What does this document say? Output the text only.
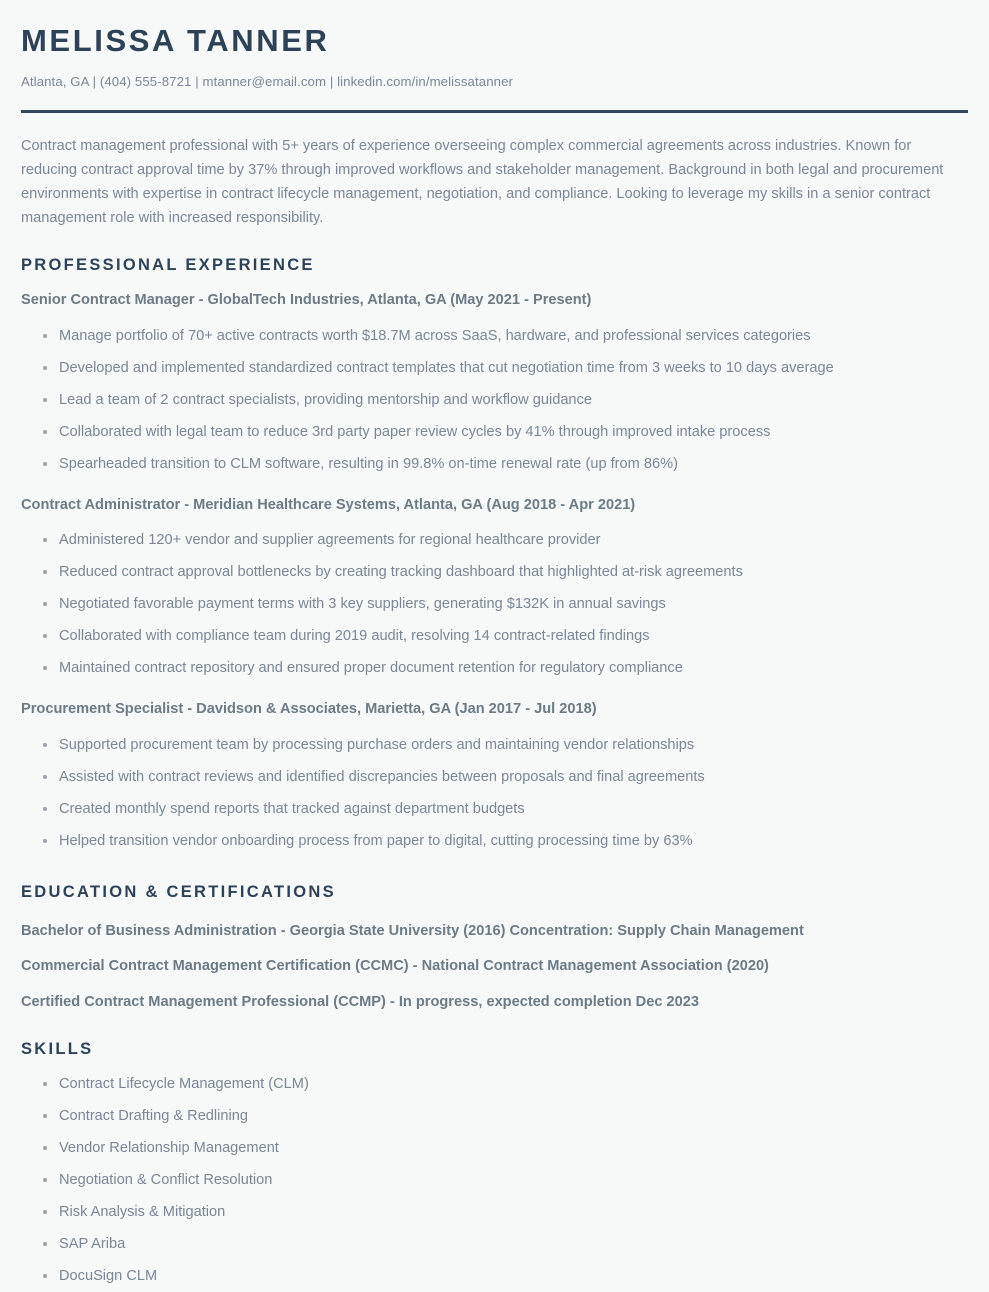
MELISSA TANNER
Atlanta, GA | (404) 555-8721 | mtanner@email.com | linkedin.com/in/melissatanner

Contract management professional with 5+ years of experience overseeing complex commercial agreements across industries. Known for reducing contract approval time by 37% through improved workflows and stakeholder management. Background in both legal and procurement environments with expertise in contract lifecycle management, negotiation, and compliance. Looking to leverage my skills in a senior contract management role with increased responsibility.

PROFESSIONAL EXPERIENCE
Senior Contract Manager - GlobalTech Industries, Atlanta, GA (May 2021 - Present)
Manage portfolio of 70+ active contracts worth $18.7M across SaaS, hardware, and professional services categories
Developed and implemented standardized contract templates that cut negotiation time from 3 weeks to 10 days average
Lead a team of 2 contract specialists, providing mentorship and workflow guidance
Collaborated with legal team to reduce 3rd party paper review cycles by 41% through improved intake process
Spearheaded transition to CLM software, resulting in 99.8% on-time renewal rate (up from 86%)
Contract Administrator - Meridian Healthcare Systems, Atlanta, GA (Aug 2018 - Apr 2021)
Administered 120+ vendor and supplier agreements for regional healthcare provider
Reduced contract approval bottlenecks by creating tracking dashboard that highlighted at-risk agreements
Negotiated favorable payment terms with 3 key suppliers, generating $132K in annual savings
Collaborated with compliance team during 2019 audit, resolving 14 contract-related findings
Maintained contract repository and ensured proper document retention for regulatory compliance
Procurement Specialist - Davidson & Associates, Marietta, GA (Jan 2017 - Jul 2018)
Supported procurement team by processing purchase orders and maintaining vendor relationships
Assisted with contract reviews and identified discrepancies between proposals and final agreements
Created monthly spend reports that tracked against department budgets
Helped transition vendor onboarding process from paper to digital, cutting processing time by 63%
EDUCATION & CERTIFICATIONS
Bachelor of Business Administration - Georgia State University (2016) Concentration: Supply Chain Management
Commercial Contract Management Certification (CCMC) - National Contract Management Association (2020)
Certified Contract Management Professional (CCMP) - In progress, expected completion Dec 2023
SKILLS
Contract Lifecycle Management (CLM)
Contract Drafting & Redlining
Vendor Relationship Management
Negotiation & Conflict Resolution
Risk Analysis & Mitigation
SAP Ariba
DocuSign CLM
